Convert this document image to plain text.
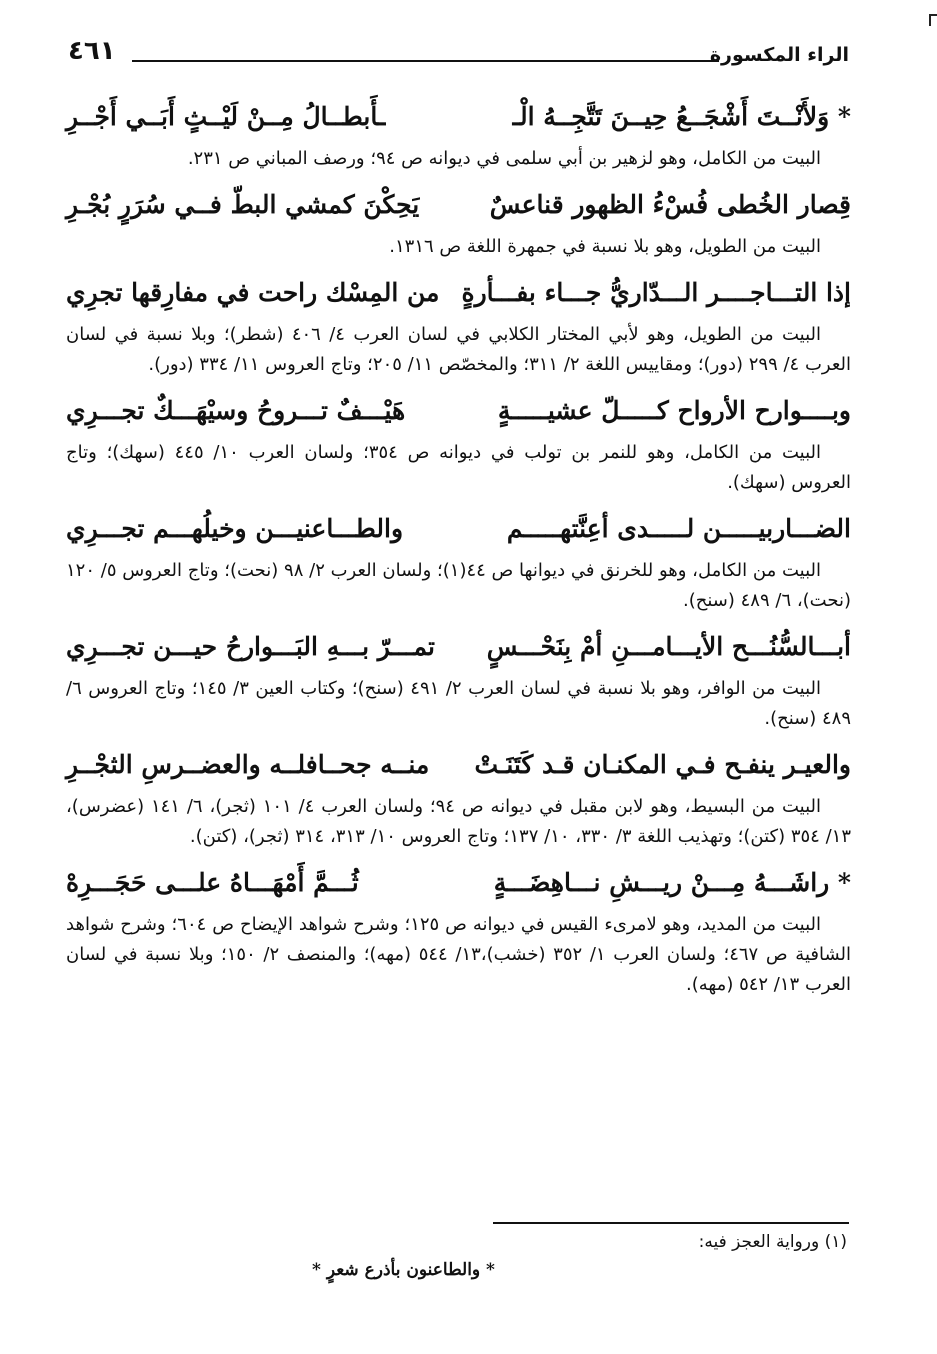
الراء المكسورة
٤٦١
* وَلأَنْــتَ أَشْجَــعُ حِيــنَ تَتَّجِــهُ الْـ
ـأَبطــالُ مِــنْ لَيْــثٍ أَبَــي أَجْــرِ

البيت من الكامل، وهو لزهير بن أبي سلمى في ديوانه ص ٩٤؛ ورصف المباني ص ٢٣١.

قِصار الخُطى فُسْءُ الظهور قناعسٌ
يَحِكْنَ كمشي البطّ فــي سُرَرٍ بُجْـرِ

البيت من الطويل، وهو بلا نسبة في جمهرة اللغة ص ١٣١٦.

إذا التـــاجــــر الـــدّاريُّ جـــاء بفـــأرةٍ
من المِسْك راحت في مفارِقها تجرِي

البيت من الطويل، وهو لأبي المختار الكلابي في لسان العرب ٤/ ٤٠٦ (شطر)؛ وبلا نسبة في لسان العرب ٤/ ٢٩٩ (دور)؛ ومقاييس اللغة ٢/ ٣١١؛ والمخصّص ١١/ ٢٠٥؛ وتاج العروس ١١/ ٣٣٤ (دور).

وبــــوارح الأرواح كـــــلّ عشيـــــةٍ
هَيْـــفٌ تـــروحُ وسيْهَـــكٌ تجـــرِي

البيت من الكامل، وهو للنمر بن تولب في ديوانه ص ٣٥٤؛ ولسان العرب ١٠/ ٤٤٥ (سهك)؛ وتاج العروس (سهك).

الضـــاربيـــــن لـــــدى أعِنَّتهـــــم
والطـــاعنيـــن وخيلُهـــم تجـــرِي

البيت من الكامل، وهو للخرنق في ديوانها ص ٤٤(١)؛ ولسان العرب ٢/ ٩٨ (نحت)؛ وتاج العروس ٥/ ١٢٠ (نحت)، ٦/ ٤٨٩ (سنح).

أبـــالسُّنُـــح الأيـــامـــنِ أمْ بِنَحْـــسٍ
تمـــرّ بـــهِ البَـــوارحُ حيـــن تجـــرِي

البيت من الوافر، وهو بلا نسبة في لسان العرب ٢/ ٤٩١ (سنح)؛ وكتاب العين ٣/ ١٤٥؛ وتاج العروس ٦/ ٤٨٩ (سنح).

والعيـر ينفـح فـي المكنـان قـد كَتَنَـتْ
منــه جحــافلــه والعضــرسِ الثجْــرِ

البيت من البسيط، وهو لابن مقبل في ديوانه ص ٩٤؛ ولسان العرب ٤/ ١٠١ (ثجر)، ٦/ ١٤١ (عضرس)، ١٣/ ٣٥٤ (كتن)؛ وتهذيب اللغة ٣/ ٣٣٠، ١٠/ ١٣٧؛ وتاج العروس ١٠/ ٣١٣، ٣١٤ (ثجر)، (كتن).

* راشَـــهُ مِـــنْ ريـــشِ نـــاهِضَـــةٍ
ثُـــمَّ أَمْهَـــاهُ علـــى حَجَـــرِهْ

البيت من المديد، وهو لامرىء القيس في ديوانه ص ١٢٥؛ وشرح شواهد الإيضاح ص ٦٠٤؛ وشرح شواهد الشافية ص ٤٦٧؛ ولسان العرب ١/ ٣٥٢ (خشب)،١٣/ ٥٤٤ (مهه)؛ والمنصف ٢/ ١٥٠؛ وبلا نسبة في لسان العرب ١٣/ ٥٤٢ (مهه).

(١) ورواية العجز فيه:
* والطاعنون بأذرع شعرٍ *
